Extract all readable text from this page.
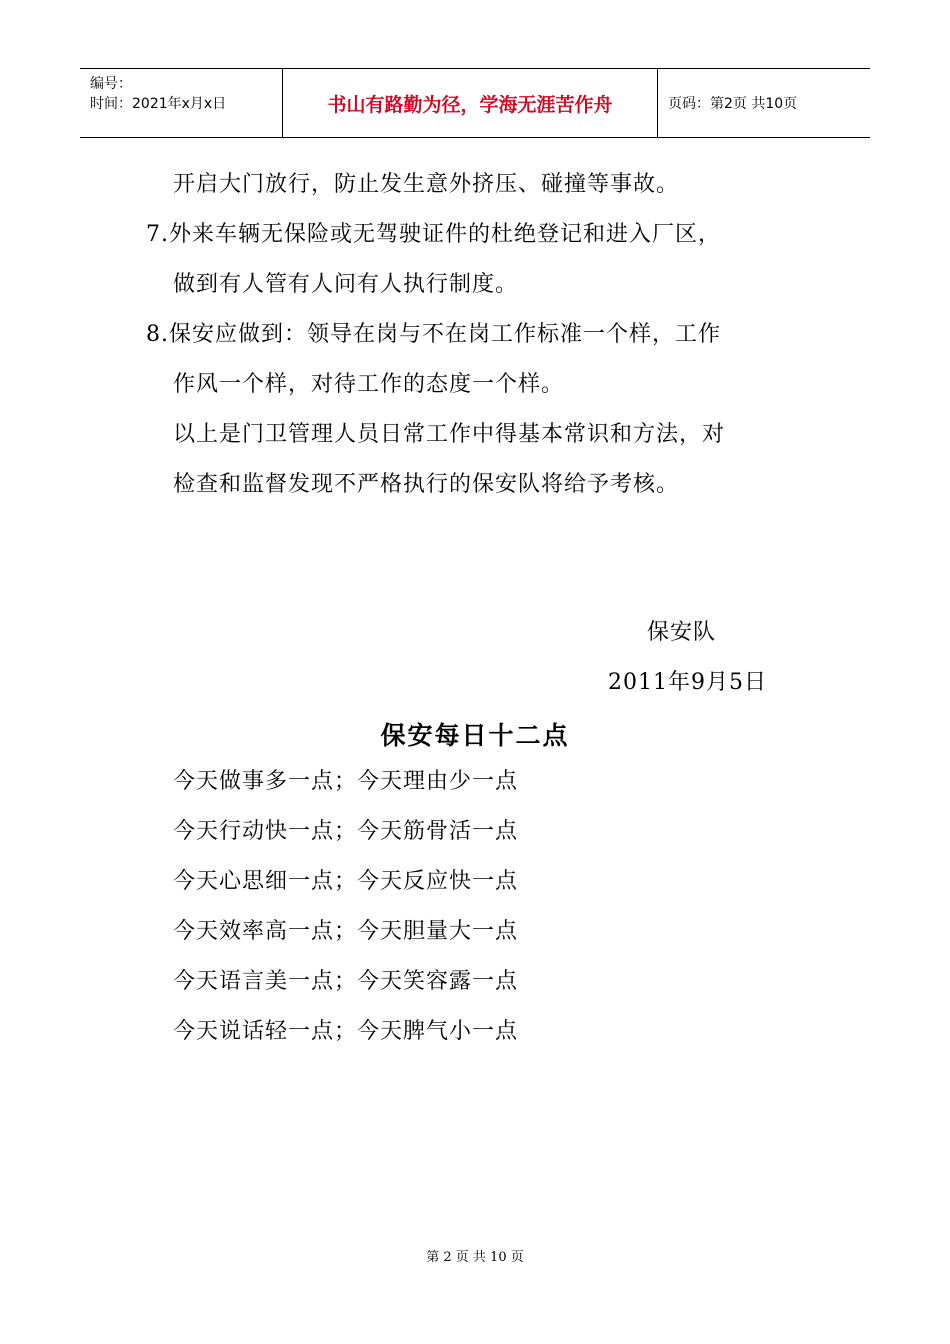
编号：
时间：2021年x月x日	书山有路勤为径，学海无涯苦作舟	页码：第2页 共10页
开启大门放行，防止发生意外挤压、碰撞等事故。
7.外来车辆无保险或无驾驶证件的杜绝登记和进入厂区，
做到有人管有人问有人执行制度。
8.保安应做到：领导在岗与不在岗工作标准一个样，工作
作风一个样，对待工作的态度一个样。
以上是门卫管理人员日常工作中得基本常识和方法，对
检查和监督发现不严格执行的保安队将给予考核。
保安队
2011年9月5日
保安每日十二点
今天做事多一点；今天理由少一点
今天行动快一点；今天筋骨活一点
今天心思细一点；今天反应快一点
今天效率高一点；今天胆量大一点
今天语言美一点；今天笑容露一点
今天说话轻一点；今天脾气小一点
第 2 页 共 10 页
